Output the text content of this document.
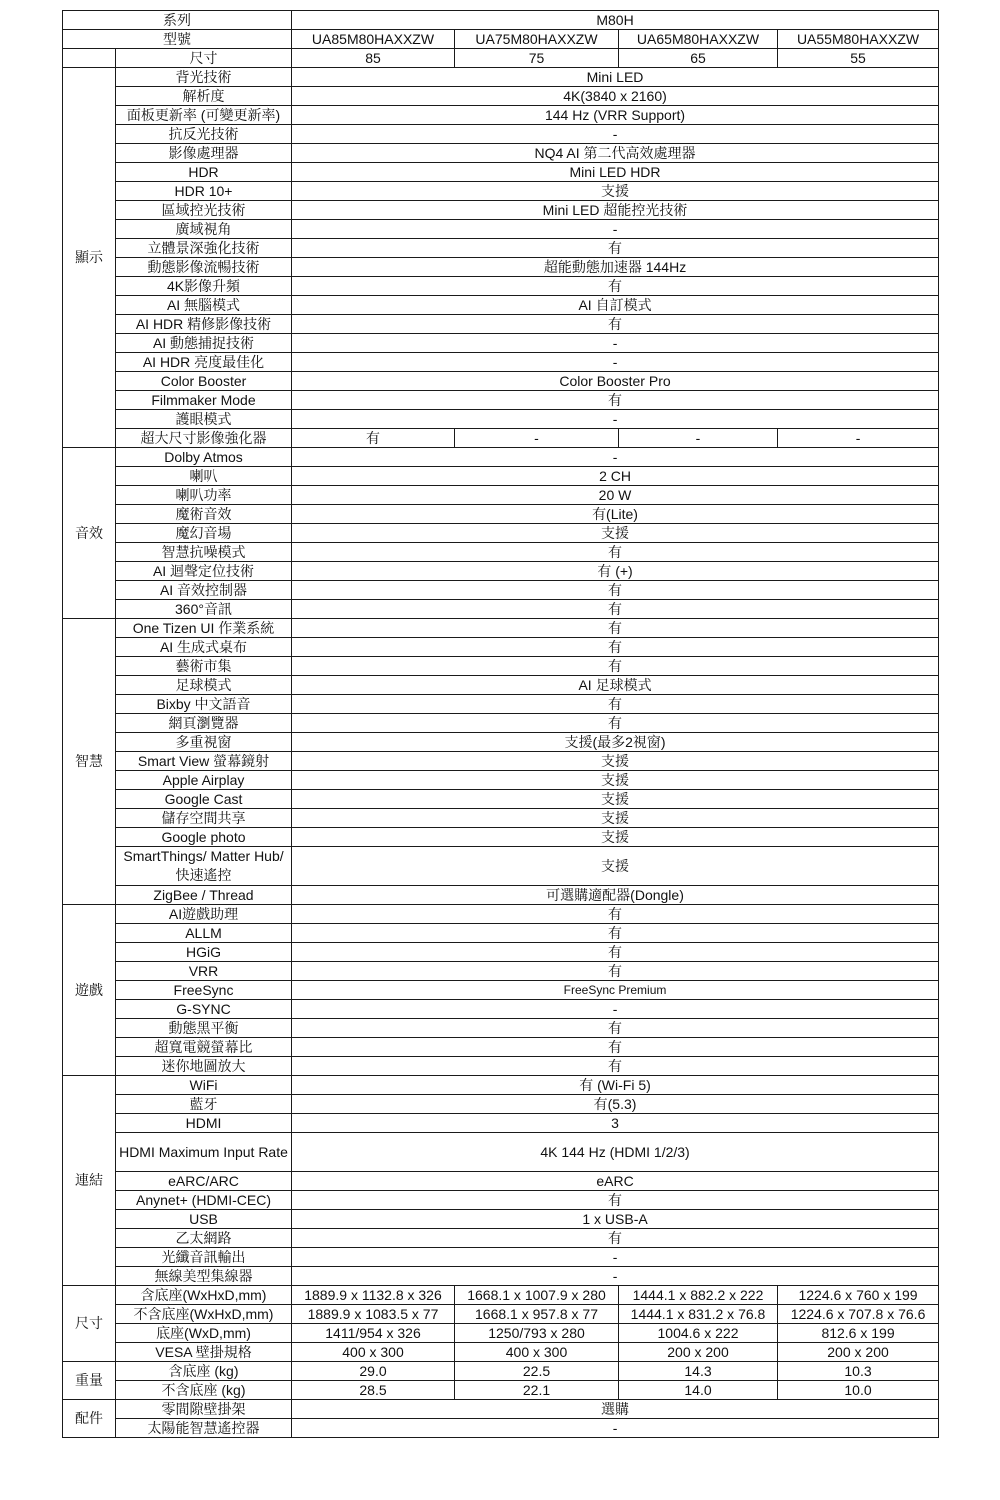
系列		M80H			
型號		UA85M80HAXXZW	UA75M80HAXXZW	UA65M80HAXXZW	UA55M80HAXXZW
	尺寸	85	75	65	55
顯示	背光技術	Mini LED			
	解析度	4K(3840 x 2160)			
	面板更新率 (可變更新率)	144 Hz (VRR Support)			
	抗反光技術	-			
	影像處理器	NQ4 AI 第二代高效處理器			
	HDR	Mini LED HDR			
	HDR 10+	支援			
	區域控光技術	Mini LED 超能控光技術			
	廣域視角	-			
	立體景深強化技術	有			
	動態影像流暢技術	超能動態加速器 144Hz			
	4K影像升頻	有			
	AI 無腦模式	AI 自訂模式			
	AI HDR 精修影像技術	有			
	AI 動態捕捉技術	-			
	AI HDR 亮度最佳化	-			
	Color Booster	Color Booster Pro			
	Filmmaker Mode	有			
	護眼模式	-			
	超大尺寸影像強化器	有	-	-	-
音效	Dolby Atmos	-			
	喇叭	2 CH			
	喇叭功率	20 W			
	魔術音效	有(Lite)			
	魔幻音場	支援			
	智慧抗噪模式	有			
	AI 迴聲定位技術	有 (+)			
	AI 音效控制器	有			
	360°音訊	有			
智慧	One Tizen UI 作業系統	有			
	AI 生成式桌布	有			
	藝術市集	有			
	足球模式	AI 足球模式			
	Bixby 中文語音	有			
	網頁瀏覽器	有			
	多重視窗	支援(最多2視窗)			
	Smart View 螢幕鏡射	支援			
	Apple Airplay	支援			
	Google Cast	支援			
	儲存空間共享	支援			
	Google photo	支援			
	SmartThings/ Matter Hub/快速遙控	支援			
	ZigBee / Thread	可選購適配器(Dongle)			
遊戲	AI遊戲助理	有			
	ALLM	有			
	HGiG	有			
	VRR	有			
	FreeSync	FreeSync Premium			
	G-SYNC	-			
	動態黑平衡	有			
	超寬電競螢幕比	有			
	迷你地圖放大	有			
連結	WiFi	有 (Wi-Fi 5)			
	藍牙	有(5.3)			
	HDMI	3			
	HDMI Maximum Input Rate	4K 144 Hz (HDMI 1/2/3)			
	eARC/ARC	eARC			
	Anynet+ (HDMI-CEC)	有			
	USB	1 x USB-A			
	乙太網路	有			
	光纖音訊輸出	-			
	無線美型集線器	-			
尺寸	含底座(WxHxD,mm)	1889.9 x 1132.8 x 326	1668.1 x 1007.9 x 280	1444.1 x 882.2 x 222	1224.6 x 760 x 199
	不含底座(WxHxD,mm)	1889.9 x 1083.5 x 77	1668.1 x 957.8 x 77	1444.1 x 831.2 x 76.8	1224.6 x 707.8 x 76.6
	底座(WxD,mm)	1411/954 x 326	1250/793 x 280	1004.6 x 222	812.6 x 199
	VESA 壁掛規格	400 x 300	400 x 300	200 x 200	200 x 200
重量	含底座 (kg)	29.0	22.5	14.3	10.3
	不含底座 (kg)	28.5	22.1	14.0	10.0
配件	零間隙壁掛架	選購			
	太陽能智慧遙控器	-			
